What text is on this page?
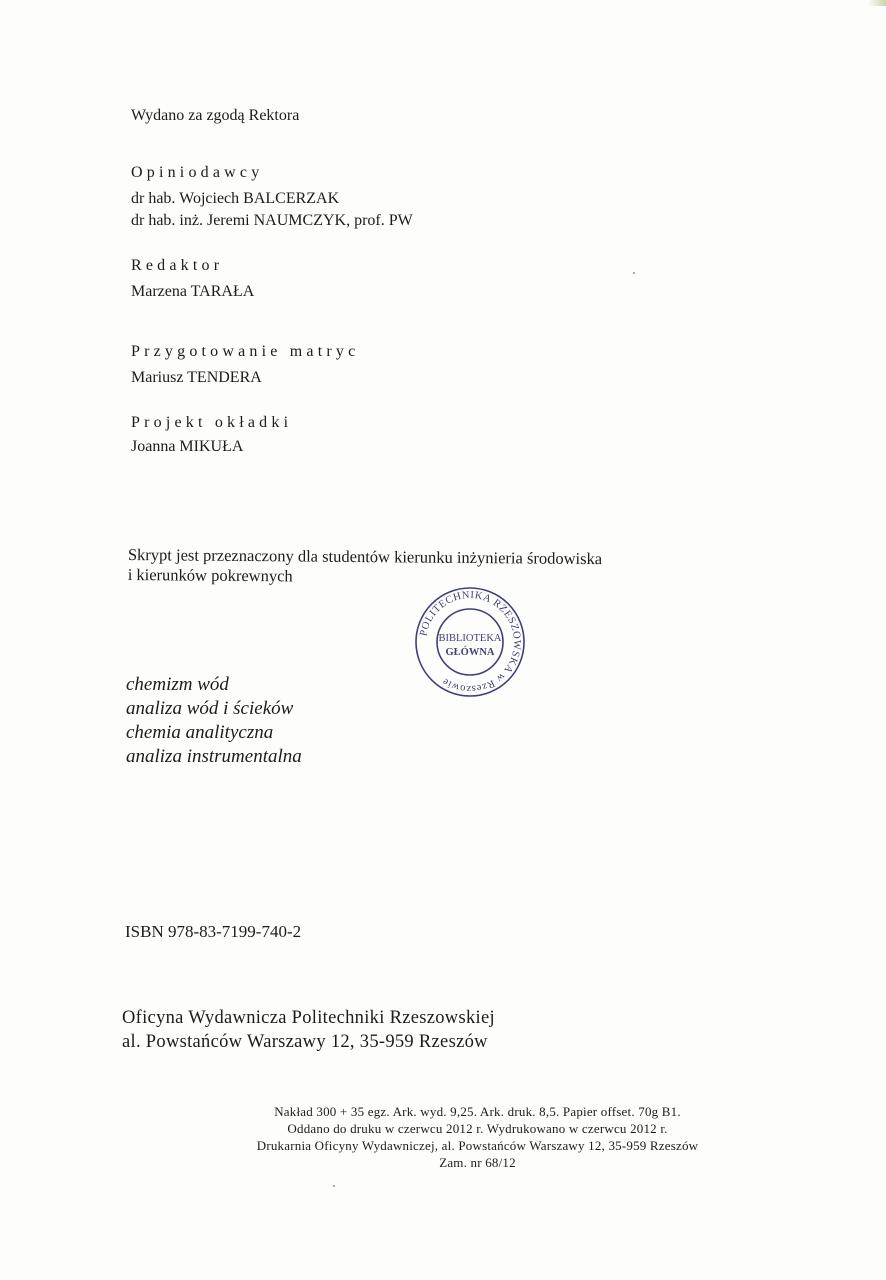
Wydano za zgodą Rektora
Opiniodawcy
dr hab. Wojciech BALCERZAK
dr hab. inż. Jeremi NAUMCZYK, prof. PW
Redaktor
Marzena TARAŁA
Przygotowanie matryc
Mariusz TENDERA
Projekt okładki
Joanna MIKUŁA
Skrypt jest przeznaczony dla studentów kierunku inżynieria środowiska
i kierunków pokrewnych
POLITECHNIKA RZESZOWSKA w Rzeszowie
BIBLIOTEKA
GŁÓWNA
chemizm wód
analiza wód i ścieków
chemia analityczna
analiza instrumentalna
ISBN 978-83-7199-740-2
Oficyna Wydawnicza Politechniki Rzeszowskiej
al. Powstańców Warszawy 12, 35-959 Rzeszów
Nakład 300 + 35 egz. Ark. wyd. 9,25. Ark. druk. 8,5. Papier offset. 70g B1.
Oddano do druku w czerwcu 2012 r. Wydrukowano w czerwcu 2012 r.
Drukarnia Oficyny Wydawniczej, al. Powstańców Warszawy 12, 35-959 Rzeszów
Zam. nr 68/12
